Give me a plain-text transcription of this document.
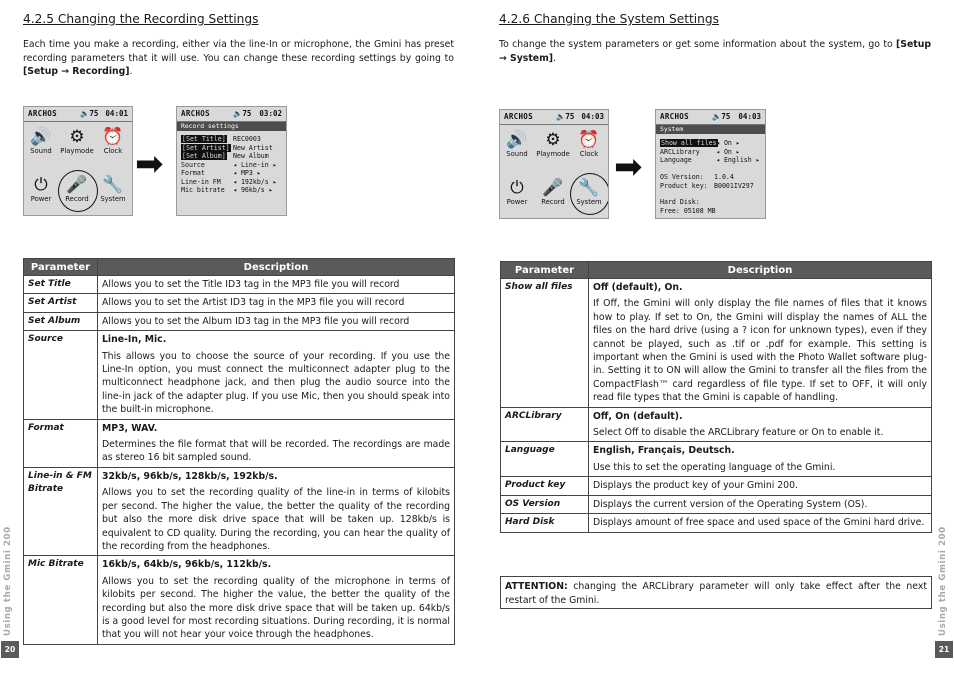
4.2.5 Changing the Recording Settings
Each time you make a recording, either via the line-In or microphone, the Gmini has preset recording parameters that it will use. You can change these recording settings by going to [Setup → Recording].
ARCHOS	🔈75 04:01
🔊
Sound
⚙
Playmode
⏰
Clock
⏻
Power
🎤
Record
🔧
System
➡
ARCHOS	🔈75 03:02
Record settings
[Set Title] REC0003
[Set Artist] New Artist
[Set Album] New Album
Source	◂ Line-in ▸
Format	◂ MP3 ▸
Line-in FM ◂ 192kb/s ▸
Mic bitrate ◂ 96kb/s ▸
Parameter	Description
Set Title	Allows you to set the Title ID3 tag in the MP3 file you will record

Set Artist	Allows you to set the Artist ID3 tag in the MP3 file you will record

Set Album	Allows you to set the Album ID3 tag in the MP3 file you will record

Source	Line-In, Mic.
This allows you to choose the source of your recording. If you use the Line-In option, you must connect the multiconnect adapter plug to the multiconnect headphone jack, and then plug the audio source into the line-in jack of the adapter plug. If you use Mic, then you should speak into the built-in microphone.

Format	MP3, WAV.
Determines the file format that will be recorded. The recordings are made as stereo 16 bit sampled sound.

Line-in & FM Bitrate	32kb/s, 96kb/s, 128kb/s, 192kb/s.
Allows you to set the recording quality of the line-in in terms of kilobits per second. The higher the value, the better the quality of the recording but also the more disk drive space that will be taken up. 128kb/s is equivalent to CD quality. During the recording, you can hear the quality of the recording from the headphones.

Mic Bitrate	16kb/s, 64kb/s, 96kb/s, 112kb/s.
Allows you to set the recording quality of the microphone in terms of kilobits per second. The higher the value, the better the quality of the recording but also the more disk drive space that will be taken up. 64kb/s is a good level for most recording situations. During recording, it is normal that you will not hear your voice through the headphones.
Using the Gmini 200
20
4.2.6 Changing the System Settings
To change the system parameters or get some information about the system, go to [Setup → System].
ARCHOS	🔈75 04:03
🔊
Sound
⚙
Playmode
⏰
Clock
⏻
Power
🎤
Record
🔧
System
➡
ARCHOS	🔈75 04:03
System
Show all files ◂ On ▸
ARCLibrary ◂ On ▸
Language	◂ English ▸
OS Version: 1.0.4
Product key: B0001IV297
Hard Disk:
Free: 05108 MB
Parameter	Description
Show all files	Off (default), On.
If Off, the Gmini will only display the file names of files that it knows how to play. If set to On, the Gmini will display the names of ALL the files on the hard drive (using a ? icon for unknown types), even if they cannot be played, such as .tif or .pdf for example. This setting is important when the Gmini is used with the Photo Wallet software plug-in. Setting it to ON will allow the Gmini to transfer all the files from the CompactFlash™ card regardless of file type. If set to OFF, it will only read file types that the Gmini is capable of handling.

ARCLibrary	Off, On (default).
Select Off to disable the ARCLibrary feature or On to enable it.

Language	English, Français, Deutsch.
Use this to set the operating language of the Gmini.

Product key	Displays the product key of your Gmini 200.

OS Version	Displays the current version of the Operating System (OS).

Hard Disk	Displays amount of free space and used space of the Gmini hard drive.
ATTENTION: changing the ARCLibrary parameter will only take effect after the next restart of the Gmini.	Using the Gmini 200
21
